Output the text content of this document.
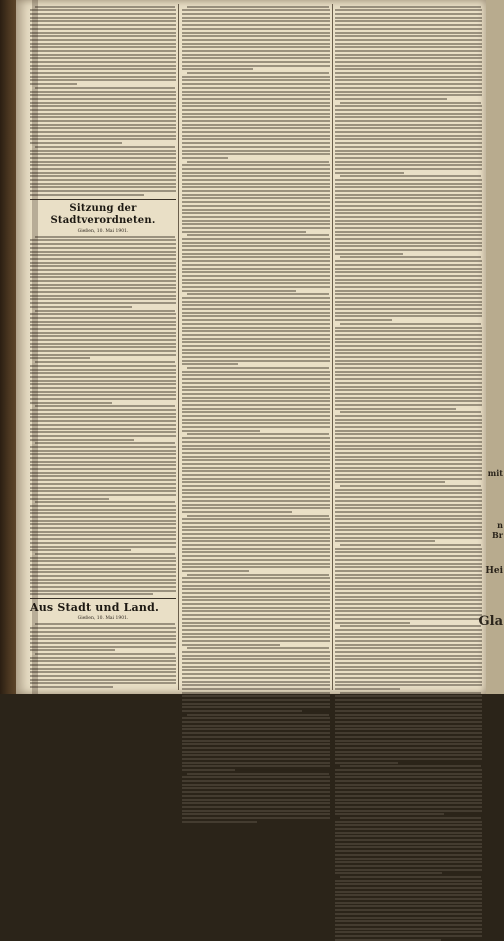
Sitzung der Stadtverordneten.
Gießen, 10. Mai 1901.
Aus Stadt und Land.
Gießen, 10. Mai 1901.
mit
n Br
Hei
Gla
